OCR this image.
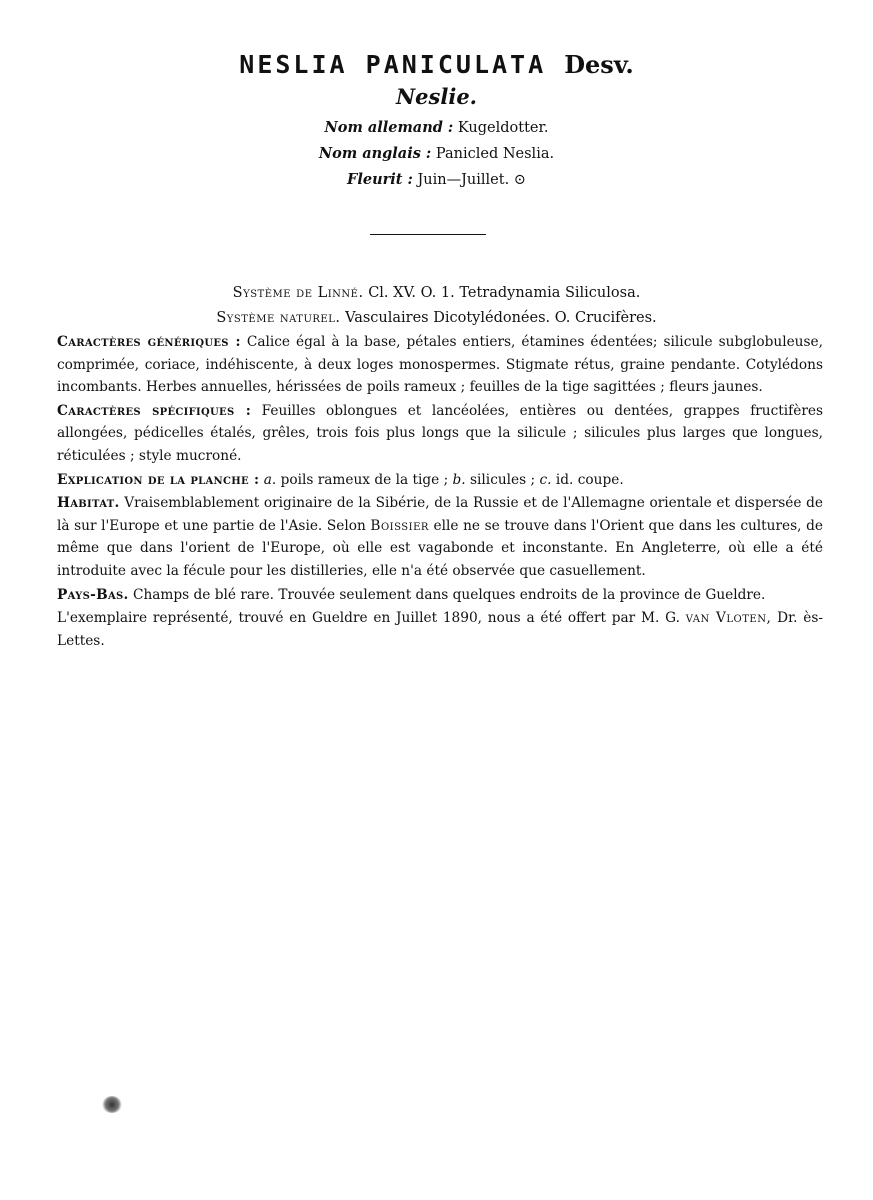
NESLIA PANICULATA Desv.
Neslie.
Nom allemand : Kugeldotter.
Nom anglais : Panicled Neslia.
Fleurit : Juin—Juillet. ⊙
Système de Linné. Cl. XV. O. 1. Tetradynamia Siliculosa.
Système naturel. Vasculaires Dicotylédonées. O. Crucifères.

Caractères génériques : Calice égal à la base, pétales entiers, étamines édentées; silicule subglobuleuse, comprimée, coriace, indéhiscente, à deux loges monospermes. Stigmate rétus, graine pendante. Cotylédons incombants. Herbes annuelles, hérissées de poils rameux ; feuilles de la tige sagittées ; fleurs jaunes.

Caractères spécifiques : Feuilles oblongues et lancéolées, entières ou dentées, grappes fructifères allongées, pédicelles étalés, grêles, trois fois plus longs que la silicule ; silicules plus larges que longues, réticulées ; style mucroné.

Explication de la planche : a. poils rameux de la tige ; b. silicules ; c. id. coupe.

Habitat. Vraisemblablement originaire de la Sibérie, de la Russie et de l'Allemagne orientale et dispersée de là sur l'Europe et une partie de l'Asie. Selon Boissier elle ne se trouve dans l'Orient que dans les cultures, de même que dans l'orient de l'Europe, où elle est vagabonde et inconstante. En Angleterre, où elle a été introduite avec la fécule pour les distilleries, elle n'a été observée que casuellement.

Pays-Bas. Champs de blé rare. Trouvée seulement dans quelques endroits de la province de Gueldre.

L'exemplaire représenté, trouvé en Gueldre en Juillet 1890, nous a été offert par M. G. van Vloten, Dr. ès-Lettes.
